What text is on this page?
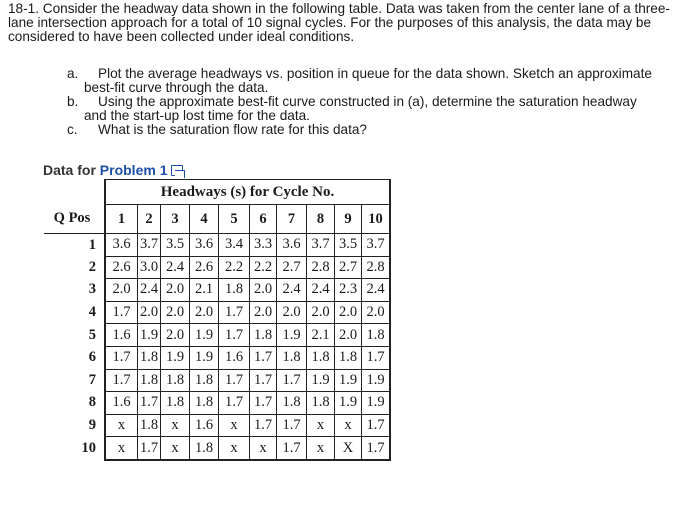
18-1. Consider the headway data shown in the following table. Data was taken from the center lane of a three-lane intersection approach for a total of 10 signal cycles. For the purposes of this analysis, the data may be considered to have been collected under ideal conditions.

a.	Plot the average headways vs. position in queue for the data shown. Sketch an approximate
best-fit curve through the data.
b.	Using the approximate best-fit curve constructed in (a), determine the saturation headway
and the start-up lost time for the data.
c.	What is the saturation flow rate for this data?
Data for Problem 1
	Headways (s) for Cycle No.									
Q Pos	1	2	3	4	5	6	7	8	9	10
1	3.6	3.7	3.5	3.6	3.4	3.3	3.6	3.7	3.5	3.7
2	2.6	3.0	2.4	2.6	2.2	2.2	2.7	2.8	2.7	2.8
3	2.0	2.4	2.0	2.1	1.8	2.0	2.4	2.4	2.3	2.4
4	1.7	2.0	2.0	2.0	1.7	2.0	2.0	2.0	2.0	2.0
5	1.6	1.9	2.0	1.9	1.7	1.8	1.9	2.1	2.0	1.8
6	1.7	1.8	1.9	1.9	1.6	1.7	1.8	1.8	1.8	1.7
7	1.7	1.8	1.8	1.8	1.7	1.7	1.7	1.9	1.9	1.9
8	1.6	1.7	1.8	1.8	1.7	1.7	1.8	1.8	1.9	1.9
9	x	1.8	x	1.6	x	1.7	1.7	x	x	1.7
10	x	1.7	x	1.8	x	x	1.7	x	X	1.7
